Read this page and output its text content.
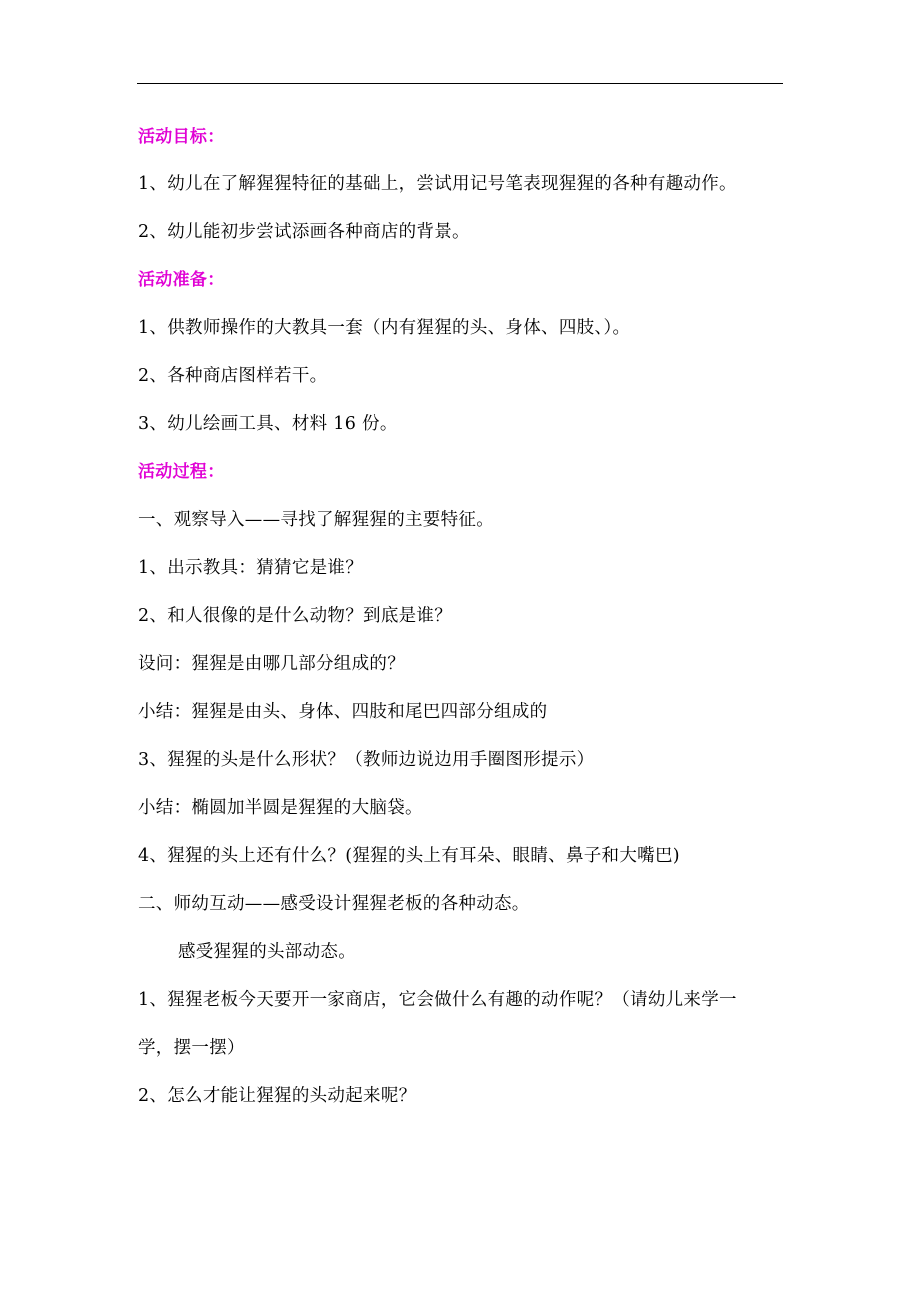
活动目标：
1、幼儿在了解猩猩特征的基础上，尝试用记号笔表现猩猩的各种有趣动作。
2、幼儿能初步尝试添画各种商店的背景。
活动准备：
1、供教师操作的大教具一套（内有猩猩的头、身体、四肢、）。
2、各种商店图样若干。
3、幼儿绘画工具、材料 16 份。
活动过程：
一、观察导入——寻找了解猩猩的主要特征。
1、出示教具：猜猜它是谁？
2、和人很像的是什么动物？到底是谁？
设问：猩猩是由哪几部分组成的？
小结：猩猩是由头、身体、四肢和尾巴四部分组成的
3、猩猩的头是什么形状？（教师边说边用手圈图形提示）
小结：椭圆加半圆是猩猩的大脑袋。
4、猩猩的头上还有什么？(猩猩的头上有耳朵、眼睛、鼻子和大嘴巴)
二、师幼互动——感受设计猩猩老板的各种动态。
感受猩猩的头部动态。
1、猩猩老板今天要开一家商店，它会做什么有趣的动作呢？（请幼儿来学一
学，摆一摆）
2、怎么才能让猩猩的头动起来呢？
